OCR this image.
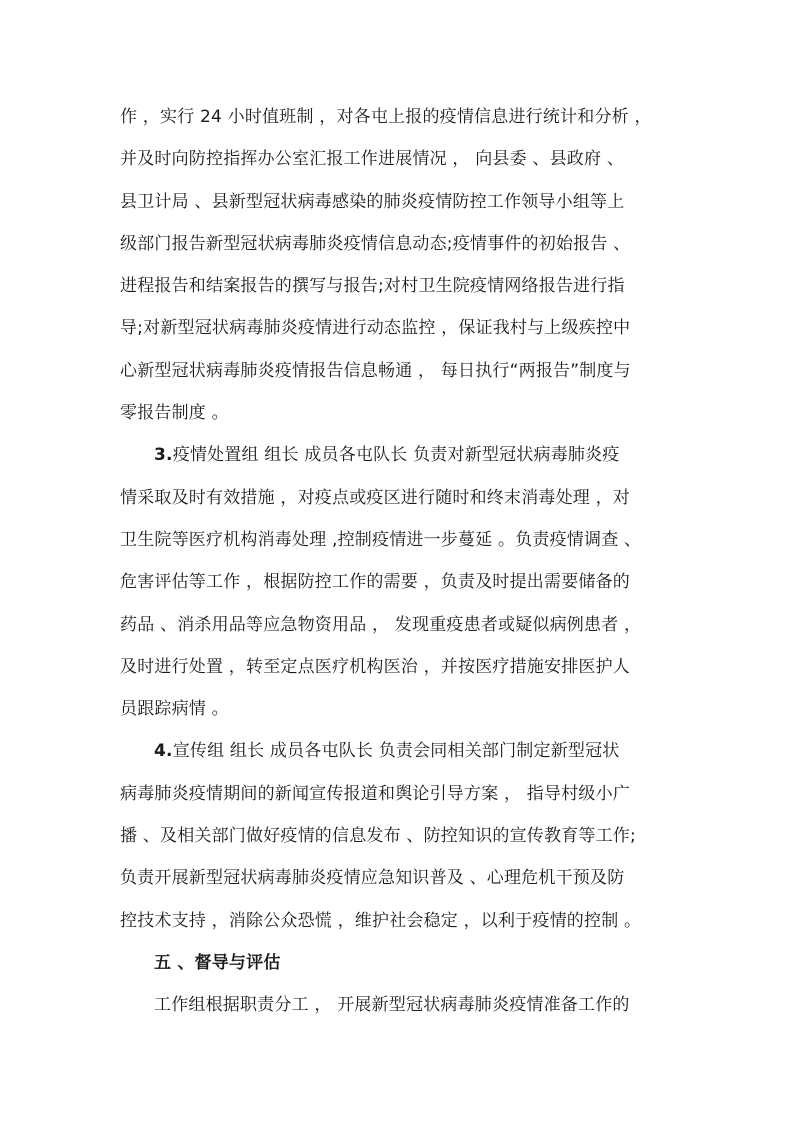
作 ，实行 24 小时值班制 ，对各屯上报的疫情信息进行统计和分析 ，
并及时向防控指挥办公室汇报工作进展情况 ， 向县委 、县政府 、
县卫计局 、县新型冠状病毒感染的肺炎疫情防控工作领导小组等上
级部门报告新型冠状病毒肺炎疫情信息动态;疫情事件的初始报告 、
进程报告和结案报告的撰写与报告;对村卫生院疫情网络报告进行指
导;对新型冠状病毒肺炎疫情进行动态监控 ，保证我村与上级疾控中
心新型冠状病毒肺炎疫情报告信息畅通 ， 每日执行“两报告”制度与
零报告制度 。
3.疫情处置组 组长 成员各屯队长 负责对新型冠状病毒肺炎疫
情采取及时有效措施 ，对疫点或疫区进行随时和终末消毒处理 ，对
卫生院等医疗机构消毒处理 ,控制疫情进一步蔓延 。负责疫情调查 、
危害评估等工作 ，根据防控工作的需要 ，负责及时提出需要储备的
药品 、消杀用品等应急物资用品 ， 发现重疫患者或疑似病例患者 ，
及时进行处置 ，转至定点医疗机构医治 ，并按医疗措施安排医护人
员跟踪病情 。
4.宣传组 组长 成员各屯队长 负责会同相关部门制定新型冠状
病毒肺炎疫情期间的新闻宣传报道和舆论引导方案 ， 指导村级小广
播 、及相关部门做好疫情的信息发布 、防控知识的宣传教育等工作;
负责开展新型冠状病毒肺炎疫情应急知识普及 、心理危机干预及防
控技术支持 ，消除公众恐慌 ，维护社会稳定 ，以利于疫情的控制 。
五 、督导与评估
工作组根据职责分工 ， 开展新型冠状病毒肺炎疫情准备工作的
